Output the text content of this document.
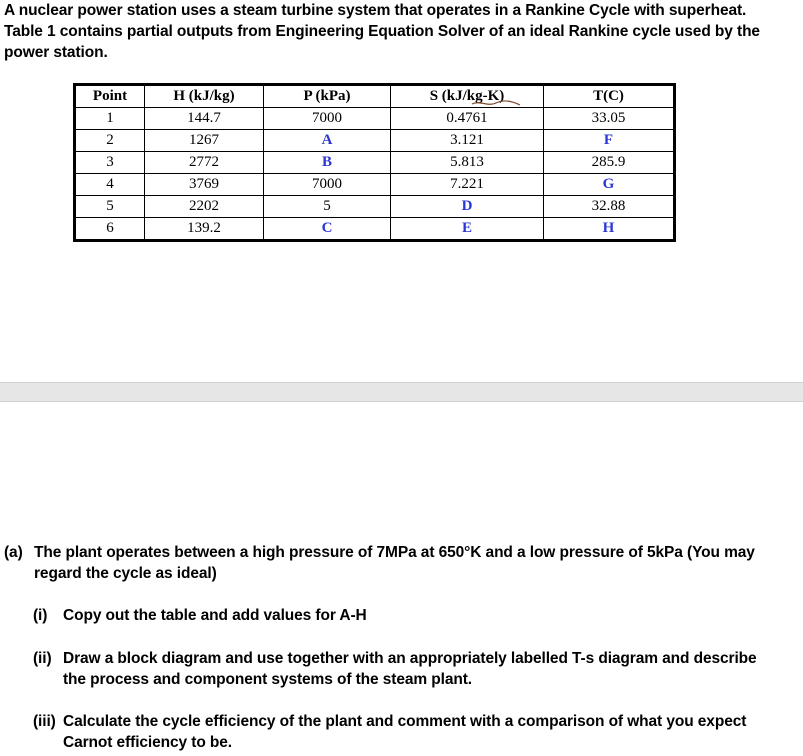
A nuclear power station uses a steam turbine system that operates in a Rankine Cycle with superheat.
Table 1 contains partial outputs from Engineering Equation Solver of an ideal Rankine cycle used by the
power station.
Point	H (kJ/kg)	P (kPa)	S (kJ/kg-K)	T(C)
1	144.7	7000	0.4761	33.05
2	1267	A	3.121	F
3	2772	B	5.813	285.9
4	3769	7000	7.221	G
5	2202	5	D	32.88
6	139.2	C	E	H
(a) The plant operates between a high pressure of 7MPa at 650°K and a low pressure of 5kPa (You may
regard the cycle as ideal)
(i) Copy out the table and add values for A-H
(ii) Draw a block diagram and use together with an appropriately labelled T-s diagram and describe
the process and component systems of the steam plant.
(iii) Calculate the cycle efficiency of the plant and comment with a comparison of what you expect
Carnot efficiency to be.
